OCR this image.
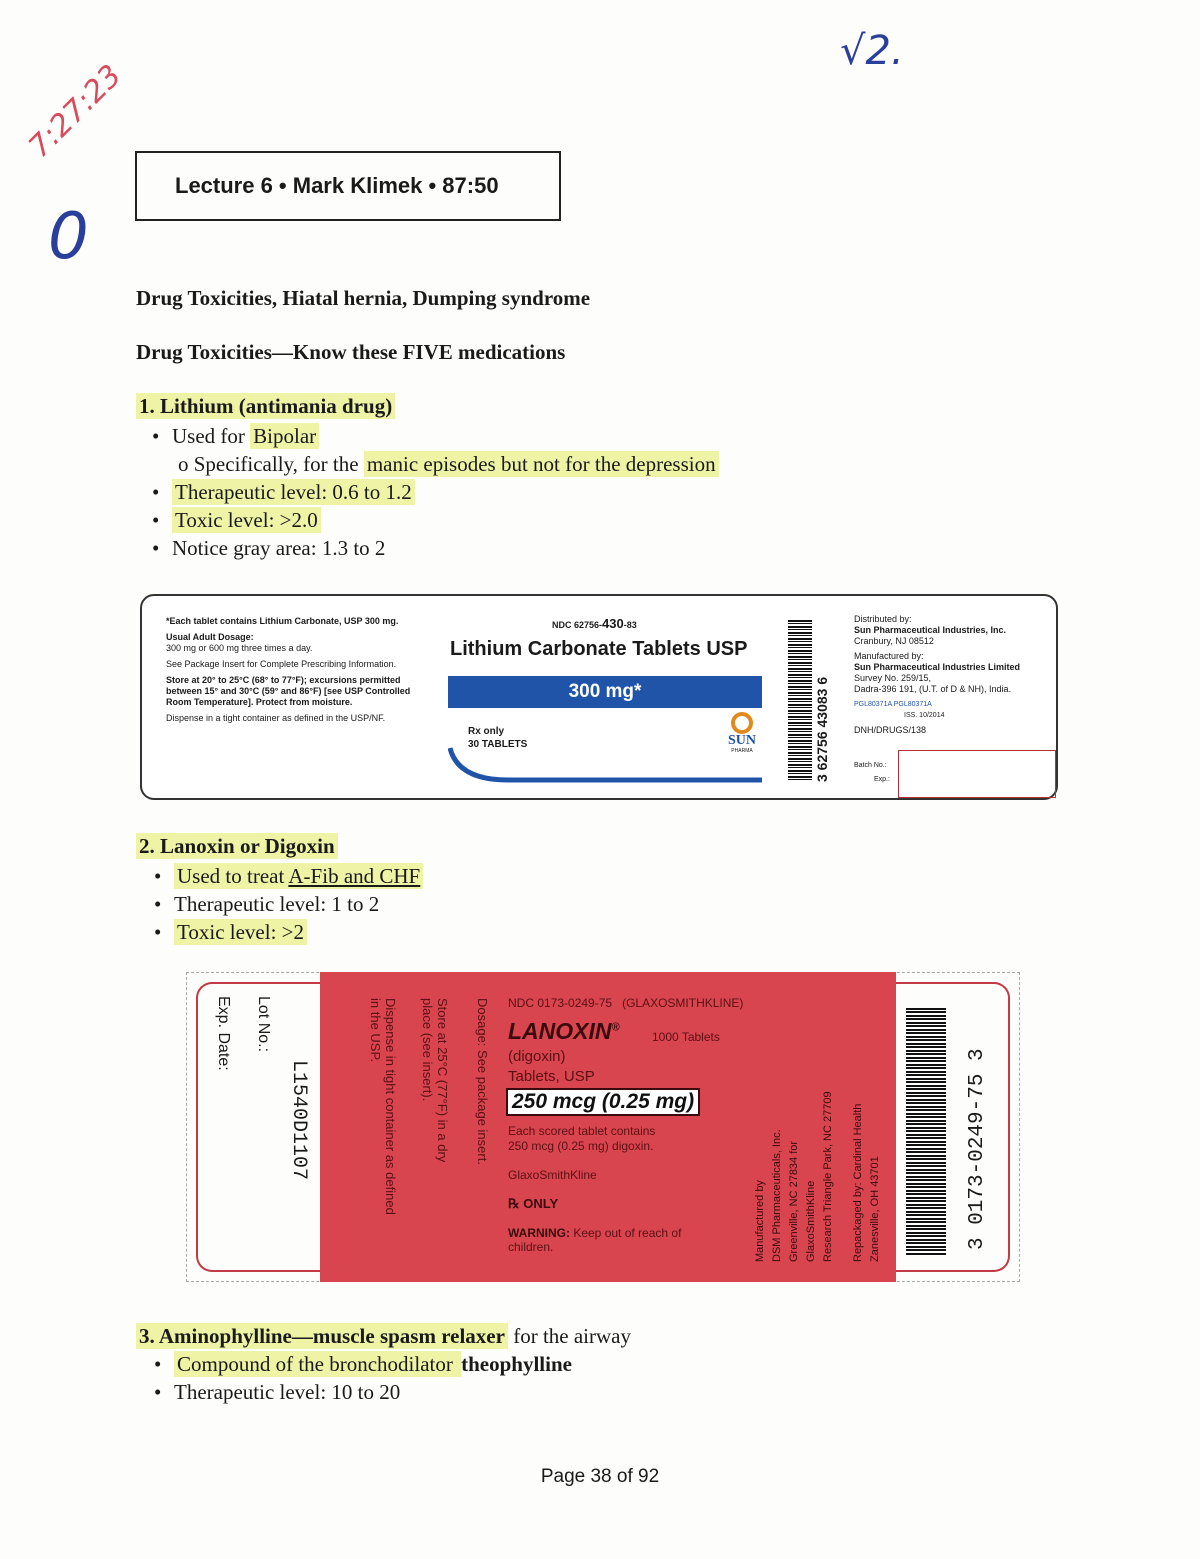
√2.
7:27:23
0
Lecture 6 • Mark Klimek • 87:50
Drug Toxicities, Hiatal hernia, Dumping syndrome
Drug Toxicities—Know these FIVE medications
1. Lithium (antimania drug)
• Used for Bipolar
o Specifically, for the manic episodes but not for the depression
• Therapeutic level: 0.6 to 1.2
• Toxic level: >2.0
• Notice gray area: 1.3 to 2
*Each tablet contains Lithium Carbonate, USP 300 mg.
Usual Adult Dosage:
300 mg or 600 mg three times a day.
See Package Insert for Complete Prescribing Information.
Store at 20° to 25°C (68° to 77°F); excursions permitted between 15° and 30°C (59° and 86°F) [see USP Controlled Room Temperature]. Protect from moisture.
Dispense in a tight container as defined in the USP/NF.
NDC 62756-430-83
Lithium Carbonate Tablets USP
300 mg*
Rx only
30 TABLETS	SUN
PHARMA	3 62756 43083 6
Distributed by:
Sun Pharmaceutical Industries, Inc.
Cranbury, NJ 08512
Manufactured by:
Sun Pharmaceutical Industries Limited
Survey No. 259/15,
Dadra-396 191, (U.T. of D & NH), India.
PGL80371A PGL80371A
ISS. 10/2014
DNH/DRUGS/138
Batch No.:
Exp.:
2. Lanoxin or Digoxin
• Used to treat A-Fib and CHF
• Therapeutic level: 1 to 2
• Toxic level: >2
Lot No.:
Exp. Date:
L1540D1107	Dispense in tight container as defined in the USP.	Store at 25°C (77°F) in a dry place (see insert).	Dosage: See package insert. NDC 0173-0249-75 (GLAXOSMITHKLINE)
LANOXIN®
1000 Tablets
(digoxin)
Tablets, USP
250 mcg (0.25 mg)
Each scored tablet contains
250 mcg (0.25 mg) digoxin.
GlaxoSmithKline
℞ ONLY
WARNING: Keep out of reach of children.	Manufactured by DSM Pharmaceuticals, Inc. Greenville, NC 27834 for GlaxoSmithKline Research Triangle Park, NC 27709 Repackaged by: Cardinal Health Zanesville, OH 43701	3 0173-0249-75 3
3. Aminophylline—muscle spasm relaxer for the airway
• Compound of the bronchodilator theophylline
• Therapeutic level: 10 to 20
Page 38 of 92
